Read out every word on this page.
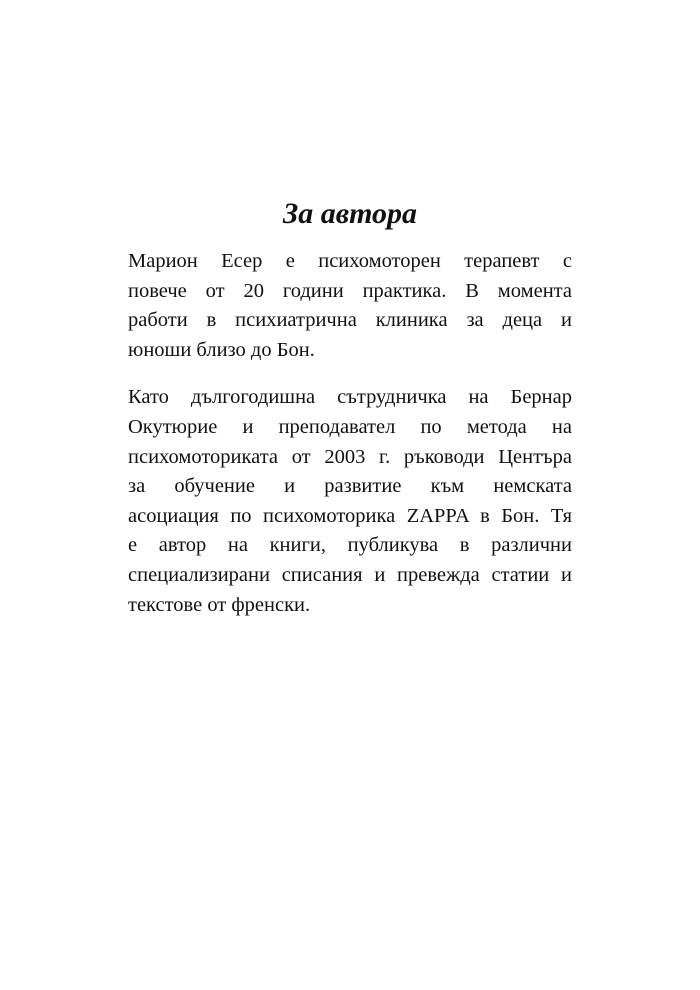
За автора

Марион Есер е психомоторен терапевт с
повече от 20 години практика. В момента
работи в психиатрична клиника за деца и
юноши близо до Бон.

Като дългогодишна сътрудничка на Бернар
Окутюрие и преподавател по метода на
психомоториката от 2003 г. ръководи Центъра
за обучение и развитие към немската
асоциация по психомоторика ZAPPA в Бон. Тя
е автор на книги, публикува в различни
специализирани списания и превежда статии и
текстове от френски.
